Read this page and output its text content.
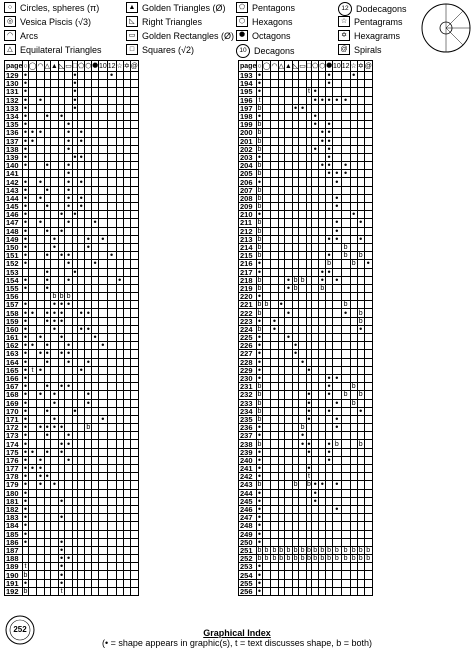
○ Circles, spheres (π)
◎ Vesica Piscis (√3)
◠ Arcs
△ Equilateral Triangles
▲ Golden Triangles (Ø)
◺ Right Triangles
▭ Golden Rectangles (Ø)
□ Squares (√2)
⬠ Pentagons
⬡ Hexagons
⯃ Octagons
10 Decagons
12 Dodecagons
☆ Pentagrams
✡ Hexagrams
@ Spirals
page	○	◯	◠	△	▲	◺	▭	□	⬠	⬡	⯃	10	12	☆	✡	@
129	•							•					•			
130	•							•								
131	•							•								
132	•		•					•								
133	•							•								
134	•			•		•										
135	•						•									
136	•	•	•				•		•							
137	•	•					•		•							
138	•						•									
139	•							•	•							
140	•			•			•									
141							•									
142	•		•				•		•							
143	•			•			•									
144	•		•				•		•							
145	•			•			•		•							
146	•					•		•								
147	•		•				•				•					
148	•			•		•										
149	•				•					•		•				
150	•				•					•						
151	•			•		•	•						•			
152	•						•				•					
153				•				•								
154	•			•			•							•		
155	•			•												
156					b	b	b									
157	•				•	•	•									
158	•	•		•	•	•			•	•						
159	•			•	•	•										
160	•				•				•	•						
161	•		•			•					•					
162	•	•		•			•					•				
163	•		•	•		•	•									
164	•			•			•			•						
165	•	t	•						•							
166	•															
167	•			•		•	•									
168	•		•		•					•						
169	•				•					•						
170	•			•				•								
171	•				•							•				
172	•		•	•	•	•				b						
173	•			•			•									
174	•					•	•									
175	•	•		•		•										
176	•		•				•									
177	•	•	•													
178	•		•	•												
179	•		•		•											
180	•															
181	•					•										
182	•															
183	•					•										
184	•															
185	•															
186	•					•										
187						•										
188						•	•									
189	t					•										
190	b					•										
191	•					•										
192	b					t										
page	○	◯	◠	△	▲	◺	▭	□	⬠	⬡	⯃	10	12	☆	✡	@
193	•										•			•		
194	•										•					
195	•							t	•							
196	t								•	•	•	•	•			
197	b					•	•									
198	•								•							
199	b								•		•					
200	b									•	•					
201	b									•	•					
202	b								•		•					
203	•										•					
204	b									•	•		•			
205	b										•	•	•			
206	•											•				
207	b															
208	b											•				
209	b											•				
210	•													•		
211	b											•			•	
212	b											•				
213	b										•	•			•	
214	b												b			
215	b										•		b		b	
216	•										b			b		•
217	•									•	•					
218	b				•	b	b			•		•				
219	b				•	b				b						
220	•															
221	b	b		•									b			
222	b				•								•		b	
223	•		•												b	
224	b		•												•	
225	•				•											
226	•					•										
227	•					•										
228	•						•									
229	•							•								
230	•										•	•				
231	b										•			b		
232	b							•			•		b		b	
233	b							•				•		b		
234	b							•			•				•	
235	b							•				•				
236	•						b					•				
237	•						•									
238	b						•	•			•	b			b	
239	•							•			•					
240	•										•					
241	•							•								
242	•							t								
243	b					b		b	•	•		•				
244	•								•							
245	•								•							
246	•											•				
247	•															
248	•															
249	•															
250	•															
251	b	b	b	b	b	b	b	b	b	b	b	b	b	b	b	b
252	b	b	b	b	b	b	b	b	b	b	b	b	b	b	b	b
253	•															
254	•															
255	•															
256	•															
252	Graphical Index
(• = shape appears in graphic(s), t = text discusses shape, b = both)
